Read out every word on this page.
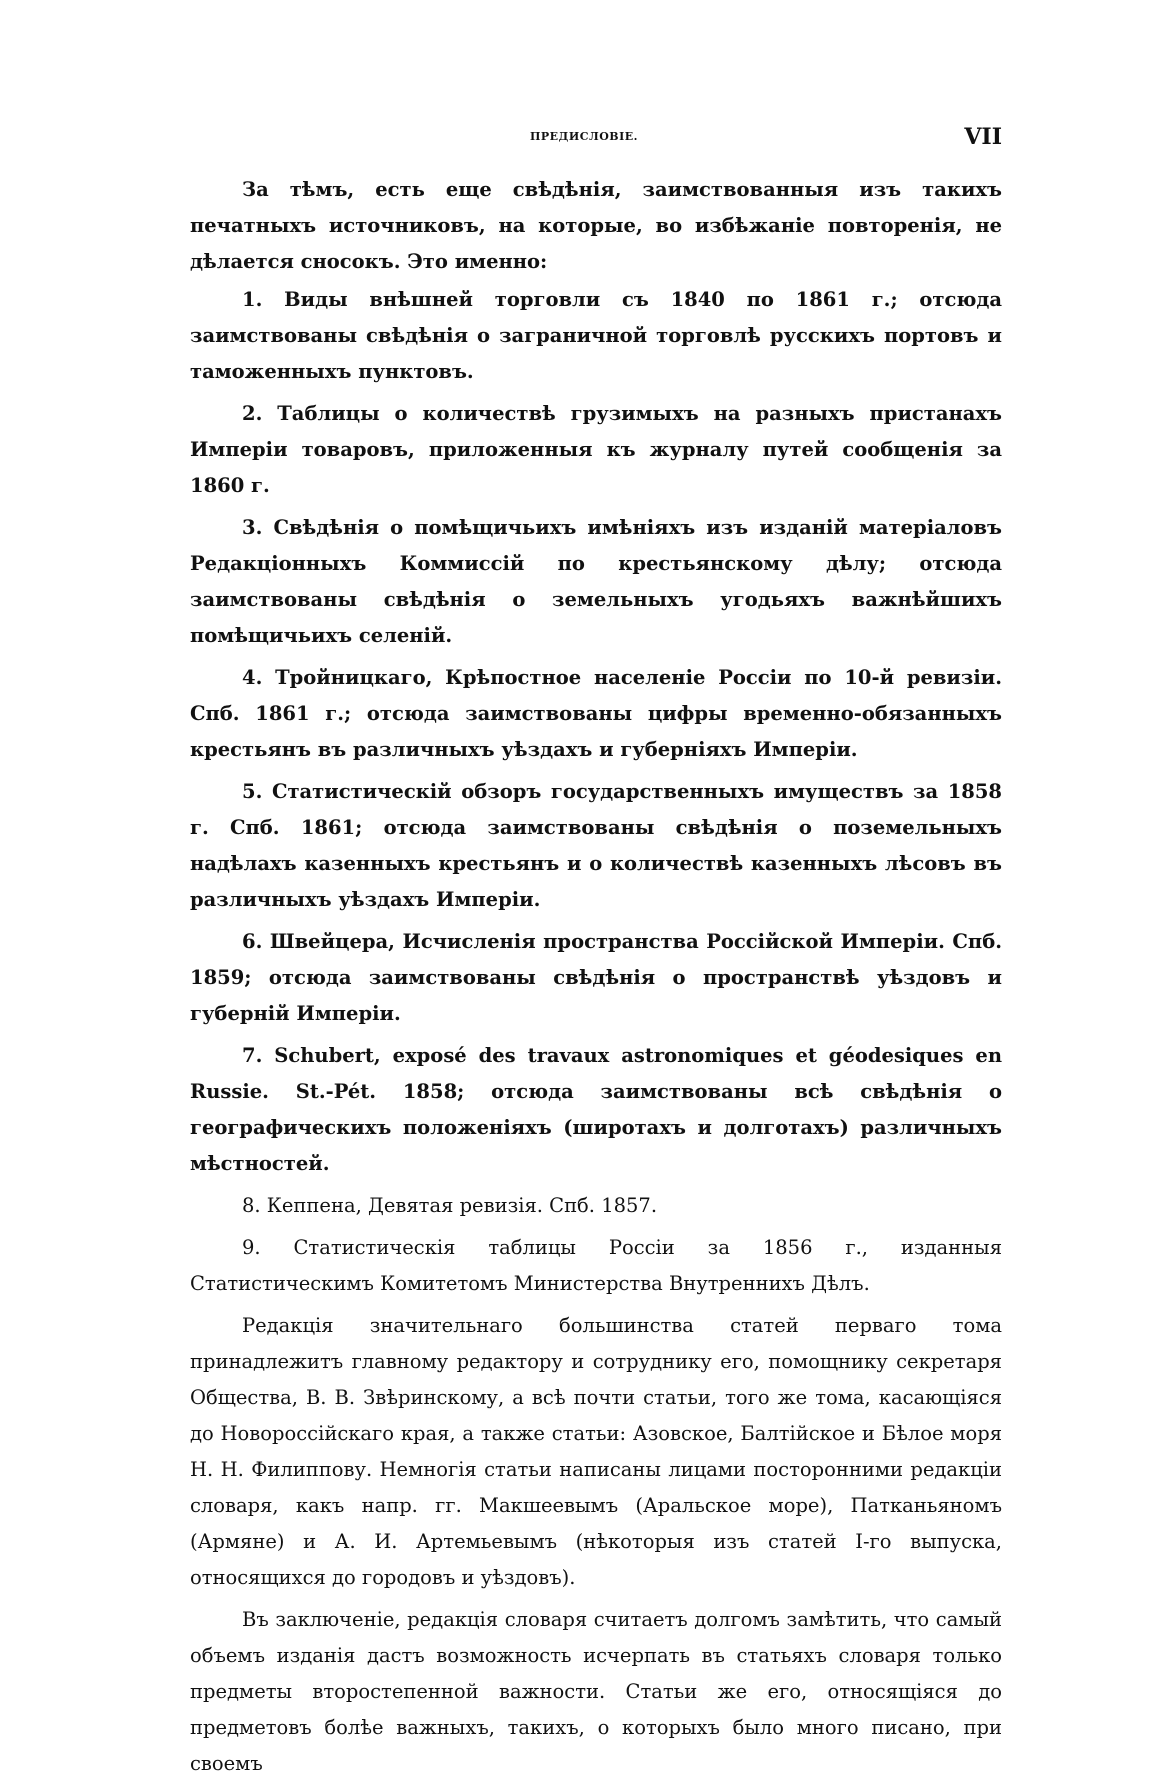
ПРЕДИСЛОВІЕ.	VII

За тѣмъ, есть еще свѣдѣнія, заимствованныя изъ такихъ печатныхъ источниковъ, на которые, во избѣжаніе повторенія, не дѣлается сносокъ. Это именно:

1. Виды внѣшней торговли съ 1840 по 1861 г.; отсюда заимствованы свѣдѣнія о заграничной торговлѣ русскихъ портовъ и таможенныхъ пунктовъ.

2. Таблицы о количествѣ грузимыхъ на разныхъ пристанахъ Имперіи товаровъ, приложенныя къ журналу путей сообщенія за 1860 г.

3. Свѣдѣнія о помѣщичьихъ имѣніяхъ изъ изданій матеріаловъ Редакціонныхъ Коммиссій по крестьянскому дѣлу; отсюда заимствованы свѣдѣнія о земельныхъ угодьяхъ важнѣйшихъ помѣщичьихъ селеній.

4. Тройницкаго, Крѣпостное населеніе Россіи по 10-й ревизіи. Спб. 1861 г.; отсюда заимствованы цифры временно-обязанныхъ крестьянъ въ различныхъ уѣздахъ и губерніяхъ Имперіи.

5. Статистическій обзоръ государственныхъ имуществъ за 1858 г. Спб. 1861; отсюда заимствованы свѣдѣнія о поземельныхъ надѣлахъ казенныхъ крестьянъ и о количествѣ казенныхъ лѣсовъ въ различныхъ уѣздахъ Имперіи.

6. Швейцера, Исчисленія пространства Россійской Имперіи. Спб. 1859; отсюда заимствованы свѣдѣнія о пространствѣ уѣздовъ и губерній Имперіи.

7. Schubert, exposé des travaux astronomiques et géodesiques en Russie. St.-Pét. 1858; отсюда заимствованы всѣ свѣдѣнія о географическихъ положеніяхъ (широтахъ и долготахъ) различныхъ мѣстностей.

8. Кеппена, Девятая ревизія. Спб. 1857.

9. Статистическія таблицы Россіи за 1856 г., изданныя Статистическимъ Комитетомъ Министерства Внутреннихъ Дѣлъ.

Редакція значительнаго большинства статей перваго тома принадлежитъ главному редактору и сотруднику его, помощнику секретаря Общества, В. В. Звѣринскому, а всѣ почти статьи, того же тома, касающіяся до Новороссійскаго края, а также статьи: Азовское, Балтійское и Бѣлое моря Н. Н. Филиппову. Немногія статьи написаны лицами посторонними редакціи словаря, какъ напр. гг. Макшеевымъ (Аральское море), Патканьяномъ (Армяне) и А. И. Артемьевымъ (нѣкоторыя изъ статей I-го выпуска, относящихся до городовъ и уѣздовъ).

Въ заключеніе, редакція словаря считаетъ долгомъ замѣтить, что самый объемъ изданія дастъ возможность исчерпать въ статьяхъ словаря только предметы второстепенной важности. Статьи же его, относящіяся до предметовъ болѣе важныхъ, такихъ, о которыхъ было много писано, при своемъ
